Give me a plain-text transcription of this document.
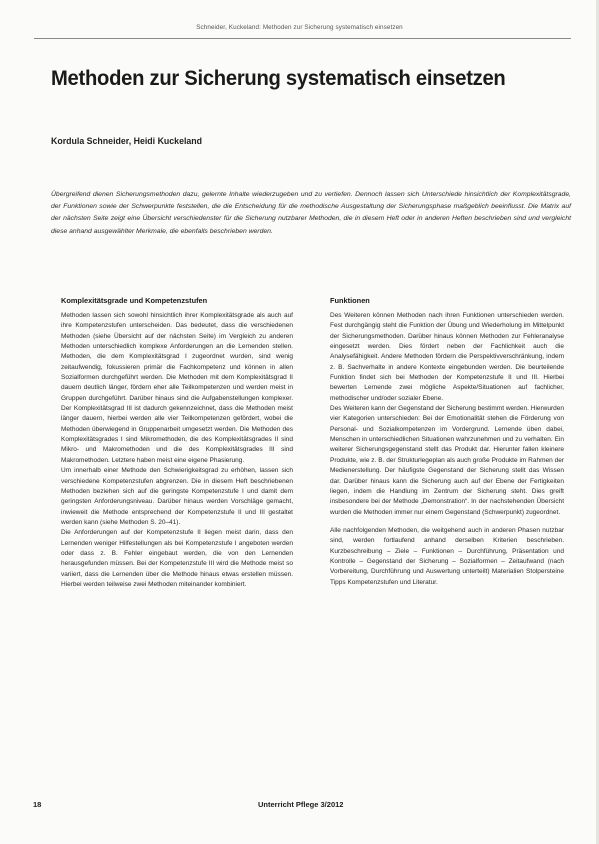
Schneider, Kuckeland: Methoden zur Sicherung systematisch einsetzen
Methoden zur Sicherung systematisch einsetzen
Kordula Schneider, Heidi Kuckeland

Übergreifend dienen Sicherungsmethoden dazu, gelernte Inhalte wiederzugeben und zu vertiefen. Dennoch lassen sich Unterschiede hinsichtlich der Komplexitätsgrade, der Funktionen sowie der Schwerpunkte feststellen, die die Entscheidung für die methodische Ausgestaltung der Sicherungsphase maßgeblich beeinflusst. Die Matrix auf der nächsten Seite zeigt eine Übersicht verschiedenster für die Sicherung nutzbarer Methoden, die in diesem Heft oder in anderen Heften beschrieben sind und vergleicht diese anhand ausgewählter Merkmale, die ebenfalls beschrieben werden.

Komplexitätsgrade und Kompetenzstufen

Methoden lassen sich sowohl hinsichtlich ihrer Komplexitätsgrade als auch auf ihre Kompetenzstufen unterscheiden. Das bedeutet, dass die verschiedenen Methoden (siehe Übersicht auf der nächsten Seite) im Vergleich zu anderen Methoden unterschiedlich komplexe Anforderungen an die Lernenden stellen. Methoden, die dem Komplexitätsgrad I zugeordnet wurden, sind wenig zeitaufwendig, fokussieren primär die Fachkompetenz und können in allen Sozialformen durchgeführt werden. Die Methoden mit dem Komplexitätsgrad II dauern deutlich länger, fördern eher alle Teilkompetenzen und werden meist in Gruppen durchgeführt. Darüber hinaus sind die Aufgabenstellungen komplexer. Der Komplexitätsgrad III ist dadurch gekennzeichnet, dass die Methoden meist länger dauern, hierbei werden alle vier Teilkompetenzen gefördert, wobei die Methoden überwiegend in Gruppenarbeit umgesetzt werden. Die Methoden des Komplexitätsgrades I sind Mikromethoden, die des Komplexitätsgrades II sind Mikro- und Makromethoden und die des Komplexitätsgrades III sind Makromethoden. Letztere haben meist eine eigene Phasierung.

Um innerhalb einer Methode den Schwierigkeitsgrad zu erhöhen, lassen sich verschiedene Kompetenzstufen abgrenzen. Die in diesem Heft beschriebenen Methoden beziehen sich auf die geringste Kompetenzstufe I und damit dem geringsten Anforderungsniveau. Darüber hinaus werden Vorschläge gemacht, inwieweit die Methode entsprechend der Kompetenzstufe II und III gestaltet werden kann (siehe Methoden S. 20–41).

Die Anforderungen auf der Kompetenzstufe II liegen meist darin, dass den Lernenden weniger Hilfestellungen als bei Kompetenzstufe I angeboten werden oder dass z. B. Fehler eingebaut werden, die von den Lernenden herausgefunden müssen. Bei der Kompetenzstufe III wird die Methode meist so variiert, dass die Lernenden über die Methode hinaus etwas erstellen müssen. Hierbei werden teilweise zwei Methoden miteinander kombiniert.

Funktionen

Des Weiteren können Methoden nach ihren Funktionen unterschieden werden. Fest durchgängig steht die Funktion der Übung und Wiederholung im Mittelpunkt der Sicherungsmethoden. Darüber hinaus können Methoden zur Fehleranalyse eingesetzt werden. Dies fördert neben der Fachlichkeit auch die Analysefähigkeit. Andere Methoden fördern die Perspektivverschränkung, indem z. B. Sachverhalte in andere Kontexte eingebunden werden. Die beurteilende Funktion findet sich bei Methoden der Kompetenzstufe II und III. Hierbei bewerten Lernende zwei mögliche Aspekte/Situationen auf fachlicher, methodischer und/oder sozialer Ebene.

Des Weiteren kann der Gegenstand der Sicherung bestimmt werden. Hierwurden vier Kategorien unterschieden: Bei der Emotionalität stehen die Förderung von Personal- und Sozialkompetenzen im Vordergrund. Lernende üben dabei, Menschen in unterschiedlichen Situationen wahrzunehmen und zu verhalten. Ein weiterer Sicherungsgegenstand stellt das Produkt dar. Hierunter fallen kleinere Produkte, wie z. B. der Strukturlegeplan als auch große Produkte im Rahmen der Medienerstellung. Der häufigste Gegenstand der Sicherung stellt das Wissen dar. Darüber hinaus kann die Sicherung auch auf der Ebene der Fertigkeiten liegen, indem die Handlung im Zentrum der Sicherung steht. Dies greift insbesondere bei der Methode „Demonstration“. In der nachstehenden Übersicht wurden die Methoden immer nur einem Gegenstand (Schwerpunkt) zugeordnet.

Alle nachfolgenden Methoden, die weitgehend auch in anderen Phasen nutzbar sind, werden fortlaufend anhand derselben Kriterien beschrieben. Kurzbeschreibung – Ziele – Funktionen – Durchführung, Präsentation und Kontrolle – Gegenstand der Sicherung – Sozialformen – Zeitaufwand (nach Vorbereitung, Durchführung und Auswertung unterteilt) Materialien Stolpersteine Tipps Kompetenzstufen und Literatur.

18	Unterricht Pflege 3/2012
